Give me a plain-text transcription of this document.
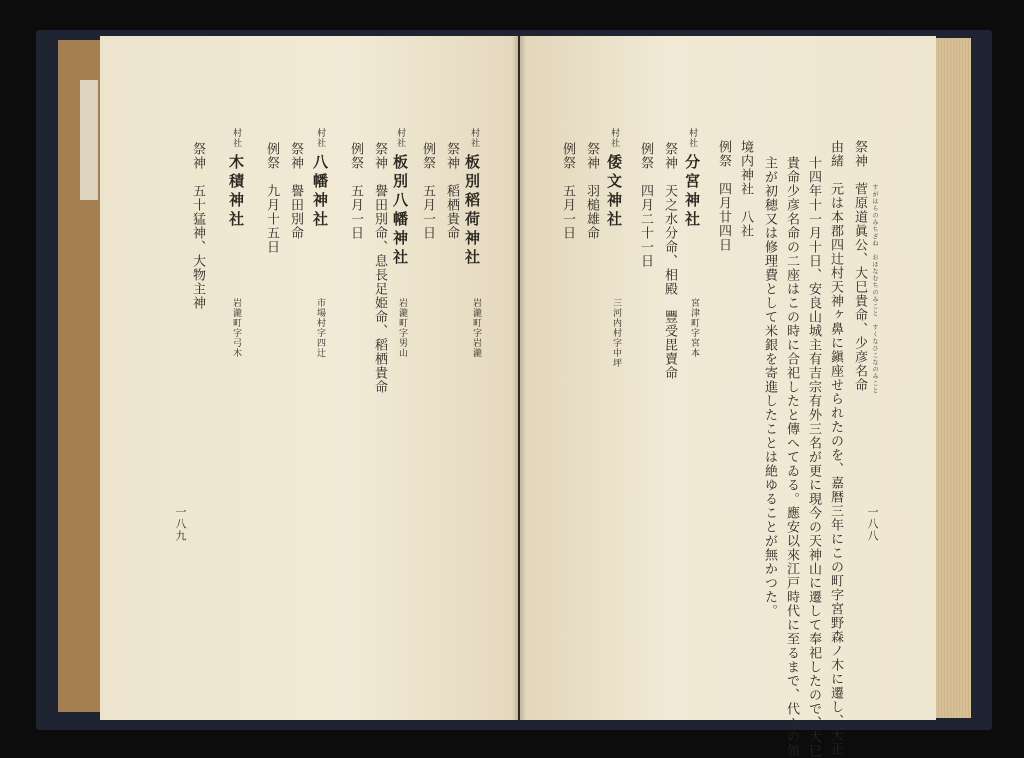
村社
板別稻荷神社
岩瀧町字岩瀧
祭神　稻栖貴命
例祭　五月一日
村社
板別八幡神社
岩瀧町字男山
祭神　譽田別命、息長足姫命、稻栖貴命
例祭　五月一日
村社
八幡神社
市場村字四辻
祭神　譽田別命
例祭　九月十五日
村社
木積神社
岩瀧町字弓木
祭神　五十猛神、大物主神
一八九
祭神　菅原道眞公、大巳貴命、少彦名命 すがはらのみちざね　おほなむちのみこと　すくなひこなのみこと
由緒　元は本郡四辻村天神ヶ鼻に鎭座せられたのを、嘉暦三年にこの町字宮野森ノ木に遷し、天正
十四年十一月十日、安良山城主有吉宗有外三名が更に現今の天神山に遷して奉祀したので、大巳
貴命少彦名命の二座はこの時に合祀したと傳へてゐる。應安以來江戸時代に至るまで、代々の領
主が初穂又は修理費として米銀を寄進したことは絶ゆることが無かつた。
境内神社　八社
例祭　四月廿四日
村社
分宮神社
宮津町字宮本
祭神　天之水分命、相殿　豐受毘賣命
例祭　四月二十一日
村社
倭文神社
三河内村字中坪
祭神　羽槌雄命
例祭　五月一日
一八八
